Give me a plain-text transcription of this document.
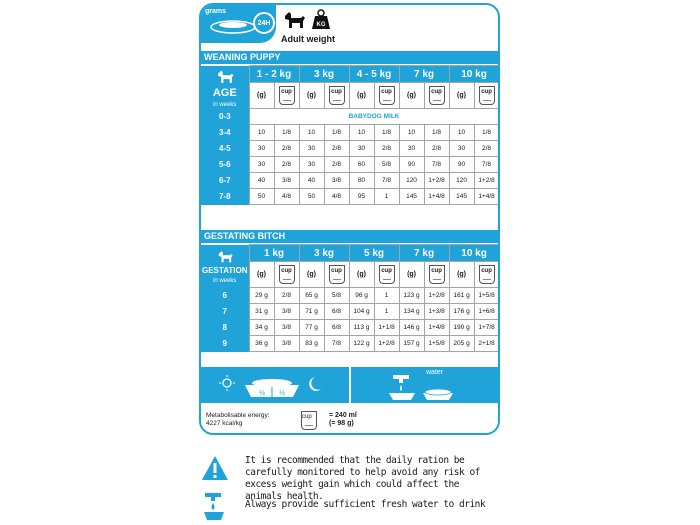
grams
24H	KG
Adult weight
WEANING PUPPY

AGE
in weeks	1 - 2 kg		3 kg		4 - 5 kg		7 kg		10 kg	
	(g)	cup	(g)	cup	(g)	cup	(g)	cup	(g)	cup
0-3	BABYDOG MILK									
3-4	10	1/8	10	1/8	10	1/8	10	1/8	10	1/8
4-5	30	2/8	30	2/8	30	2/8	30	2/8	30	2/8
5-6	30	2/8	30	2/8	60	5/8	90	7/8	90	7/8
6-7	40	3/8	40	3/8	80	7/8	120	1+2/8	120	1+2/8
7-8	50	4/8	50	4/8	95	1	145	1+4/8	145	1+4/8
GESTATING BITCH

GESTATION
in weeks	1 kg		3 kg		5 kg		7 kg		10 kg	
	(g)	cup	(g)	cup	(g)	cup	(g)	cup	(g)	cup
6	29 g	2/8	65 g	5/8	96 g	1	123 g	1+2/8	161 g	1+5/8
7	31 g	3/8	71 g	6/8	104 g	1	134 g	1+3/8	176 g	1+6/8
8	34 g	3/8	77 g	6/8	113 g	1+1/8	146 g	1+4/8	190 g	1+7/8
9	36 g	3/8	83 g	7/8	122 g	1+2/8	157 g	1+5/8	205 g	2+1/8
½ ½
water
Metabolisable energy:
4227 kcal/kg
cup	= 240 ml
(= 98 g)
It is recommended that the daily ration be carefully monitored to help avoid any risk of excess weight gain which could affect the animals health.
Always provide sufficient fresh water to drink
